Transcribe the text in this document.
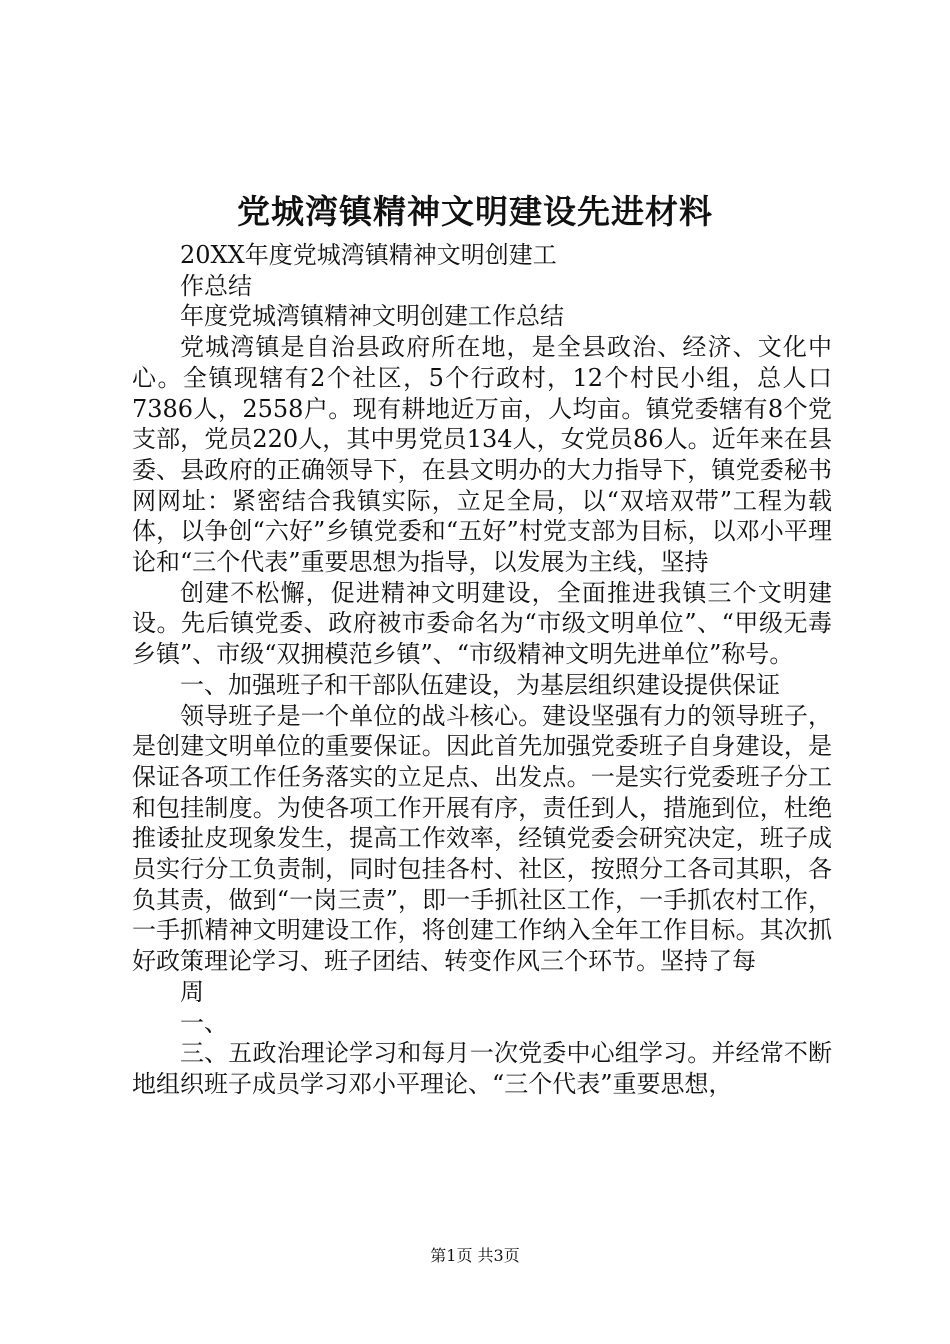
党城湾镇精神文明建设先进材料

20XX年度党城湾镇精神文明创建工

作总结

年度党城湾镇精神文明创建工作总结

党城湾镇是自治县政府所在地，是全县政治、经济、文化中心。全镇现辖有2个社区，5个行政村，12个村民小组，总人口7386人，2558户。现有耕地近万亩，人均亩。镇党委辖有8个党支部，党员220人，其中男党员134人，女党员86人。近年来在县委、县政府的正确领导下，在县文明办的大力指导下，镇党委秘书网网址：紧密结合我镇实际，立足全局，以“双培双带”工程为载体，以争创“六好”乡镇党委和“五好”村党支部为目标，以邓小平理论和“三个代表”重要思想为指导，以发展为主线，坚持

创建不松懈，促进精神文明建设，全面推进我镇三个文明建设。先后镇党委、政府被市委命名为“市级文明单位”、“甲级无毒乡镇”、市级“双拥模范乡镇”、“市级精神文明先进单位”称号。

一、加强班子和干部队伍建设，为基层组织建设提供保证

领导班子是一个单位的战斗核心。建设坚强有力的领导班子，是创建文明单位的重要保证。因此首先加强党委班子自身建设，是保证各项工作任务落实的立足点、出发点。一是实行党委班子分工和包挂制度。为使各项工作开展有序，责任到人，措施到位，杜绝推诿扯皮现象发生，提高工作效率，经镇党委会研究决定，班子成员实行分工负责制，同时包挂各村、社区，按照分工各司其职，各负其责，做到“一岗三责”，即一手抓社区工作，一手抓农村工作，一手抓精神文明建设工作，将创建工作纳入全年工作目标。其次抓好政策理论学习、班子团结、转变作风三个环节。坚持了每

周

一、

三、五政治理论学习和每月一次党委中心组学习。并经常不断地组织班子成员学习邓小平理论、“三个代表”重要思想，

第1页 共3页
